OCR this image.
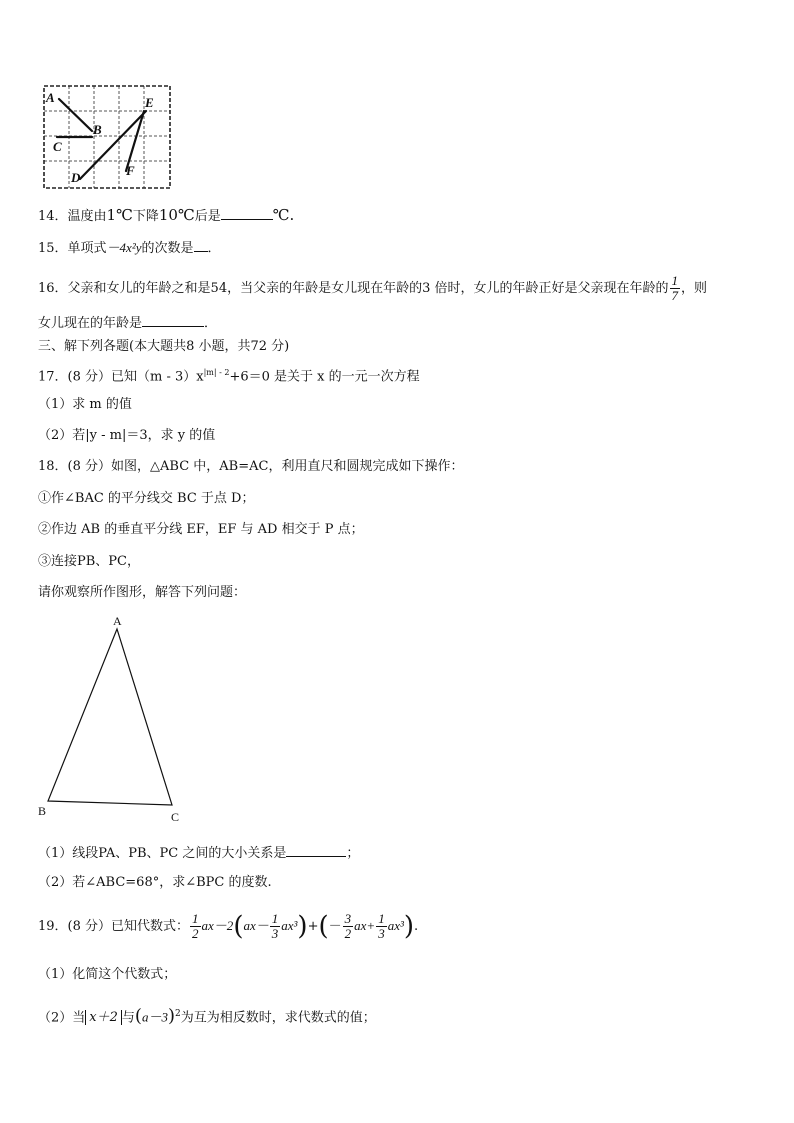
A
B
C
D
E
F
14．温度由1℃下降10℃后是	℃.
15．单项式－4x²y的次数是 ．
16．父亲和女儿的年龄之和是54，当父亲的年龄是女儿现在年龄的3 倍时，女儿的年龄正好是父亲现在年龄的 $\frac{1}{7}$ ，则
女儿现在的年龄是	．
三、解下列各题(本大题共8 小题，共72 分)
17．(8 分）已知$(m - 3)x^{|m| - 2}+6=0$ 是关于 x 的一元一次方程
（1）求 m 的值
（2）若|y - m|＝3，求 y 的值
18．(8 分）如图，△ABC 中，AB=AC，利用直尺和圆规完成如下操作：
①作∠BAC 的平分线交 BC 于点 D；
②作边 AB 的垂直平分线 EF，EF 与 AD 相交于 P 点；
③连接PB、PC，
请你观察所作图形，解答下列问题：
A
B	C
（1）线段PA、PB、PC 之间的大小关系是	；
（2）若∠ABC=68°，求∠BPC 的度数.
19．(8 分）已知代数式： $\frac{1}{2} ax-2(ax- \frac{1}{3} ax^3)+(- \frac{3}{2} ax+ \frac{1}{3} ax^3)$.
（1）化简这个代数式；
（2）当 x＋2 与$(a-3)^2$为互为相反数时，求代数式的值；
